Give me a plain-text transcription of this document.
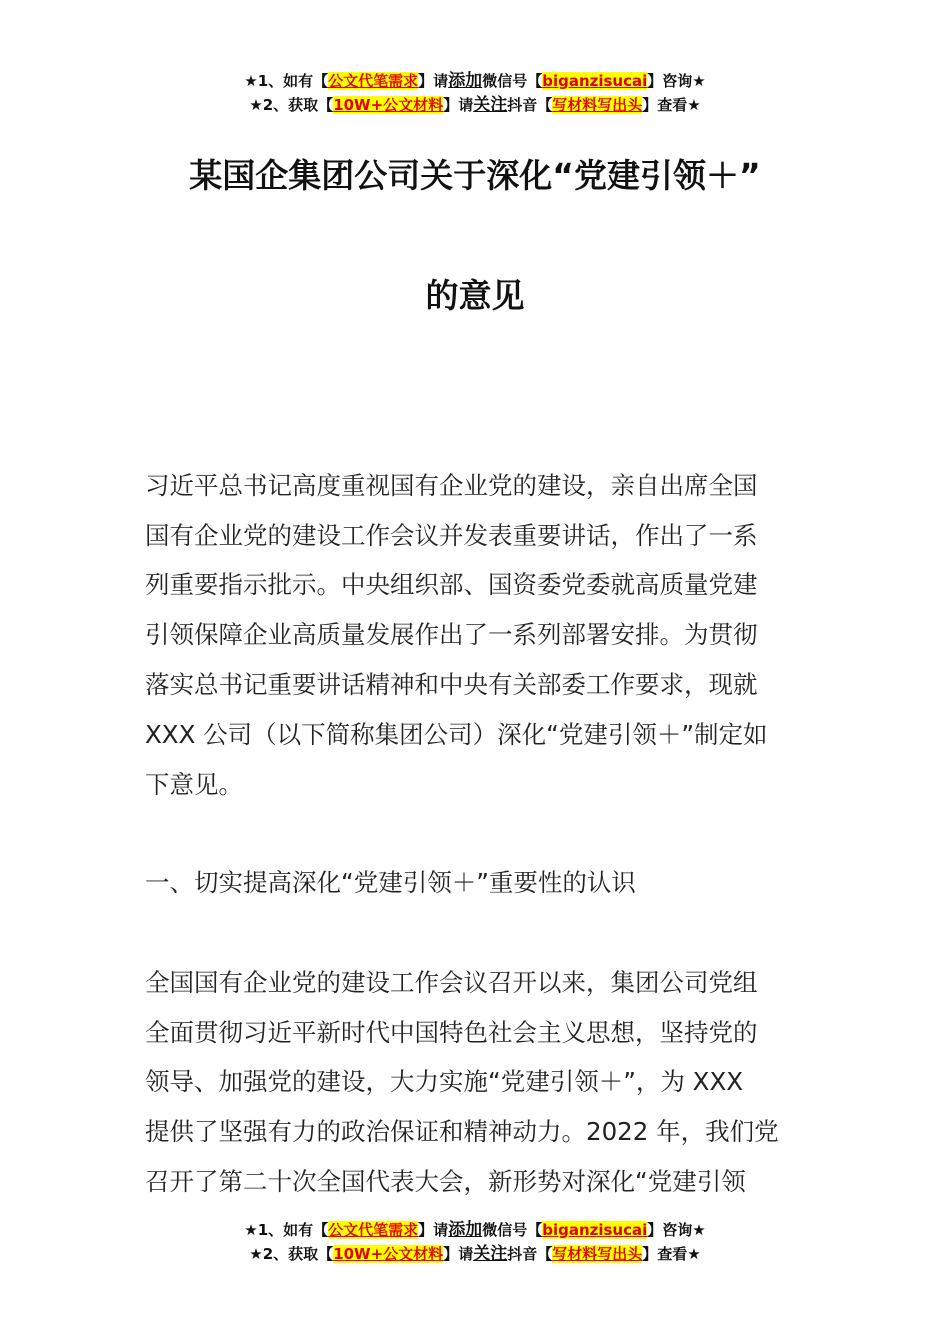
★1、如有【公文代笔需求】请添加微信号【biganzisucai】咨询★
★2、获取【10W+公文材料】请关注抖音【写材料写出头】查看★
某国企集团公司关于深化“党建引领＋”
的意见
习近平总书记高度重视国有企业党的建设，亲自出席全国
国有企业党的建设工作会议并发表重要讲话，作出了一系
列重要指示批示。中央组织部、国资委党委就高质量党建
引领保障企业高质量发展作出了一系列部署安排。为贯彻
落实总书记重要讲话精神和中央有关部委工作要求，现就
XXX 公司（以下简称集团公司）深化“党建引领＋”制定如
下意见。
一、切实提高深化“党建引领＋”重要性的认识
全国国有企业党的建设工作会议召开以来，集团公司党组
全面贯彻习近平新时代中国特色社会主义思想，坚持党的
领导、加强党的建设，大力实施“党建引领＋”，为 XXX
提供了坚强有力的政治保证和精神动力。2022 年，我们党
召开了第二十次全国代表大会，新形势对深化“党建引领
★1、如有【公文代笔需求】请添加微信号【biganzisucai】咨询★
★2、获取【10W+公文材料】请关注抖音【写材料写出头】查看★
